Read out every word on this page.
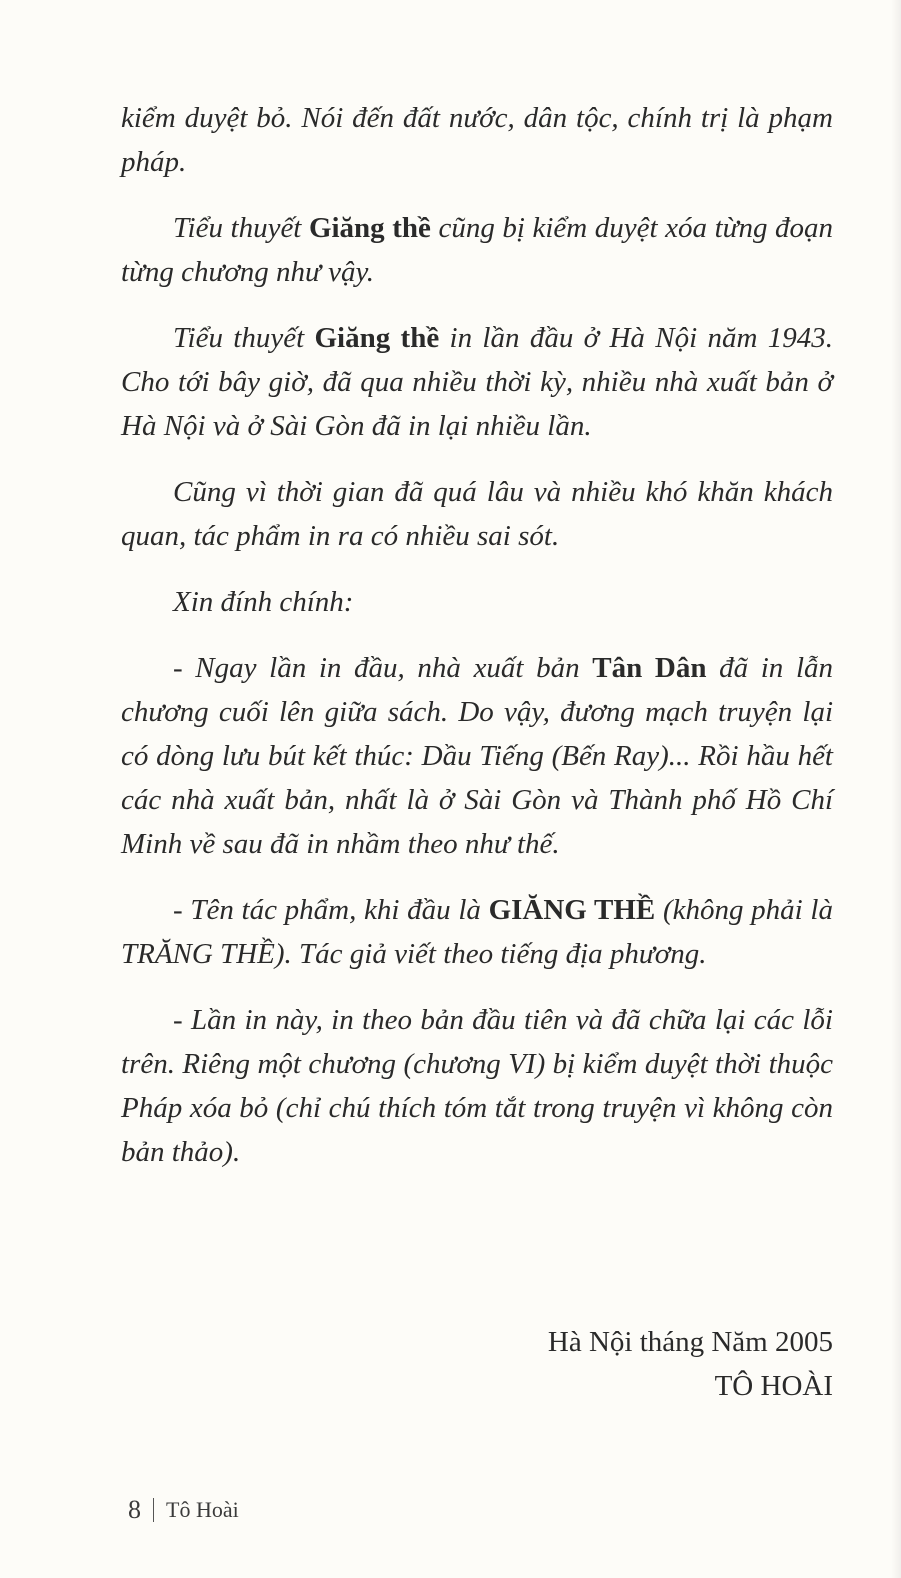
kiểm duyệt bỏ. Nói đến đất nước, dân tộc, chính trị là phạm pháp.

Tiểu thuyết Giăng thề cũng bị kiểm duyệt xóa từng đoạn từng chương như vậy.

Tiểu thuyết Giăng thề in lần đầu ở Hà Nội năm 1943. Cho tới bây giờ, đã qua nhiều thời kỳ, nhiều nhà xuất bản ở Hà Nội và ở Sài Gòn đã in lại nhiều lần.

Cũng vì thời gian đã quá lâu và nhiều khó khăn khách quan, tác phẩm in ra có nhiều sai sót.

Xin đính chính:

- Ngay lần in đầu, nhà xuất bản Tân Dân đã in lẫn chương cuối lên giữa sách. Do vậy, đương mạch truyện lại có dòng lưu bút kết thúc: Dầu Tiếng (Bến Ray)... Rồi hầu hết các nhà xuất bản, nhất là ở Sài Gòn và Thành phố Hồ Chí Minh về sau đã in nhầm theo như thế.

- Tên tác phẩm, khi đầu là GIĂNG THỀ (không phải là TRĂNG THỀ). Tác giả viết theo tiếng địa phương.

- Lần in này, in theo bản đầu tiên và đã chữa lại các lỗi trên. Riêng một chương (chương VI) bị kiểm duyệt thời thuộc Pháp xóa bỏ (chỉ chú thích tóm tắt trong truyện vì không còn bản thảo).

Hà Nội tháng Năm 2005
TÔ HOÀI
8 Tô Hoài
